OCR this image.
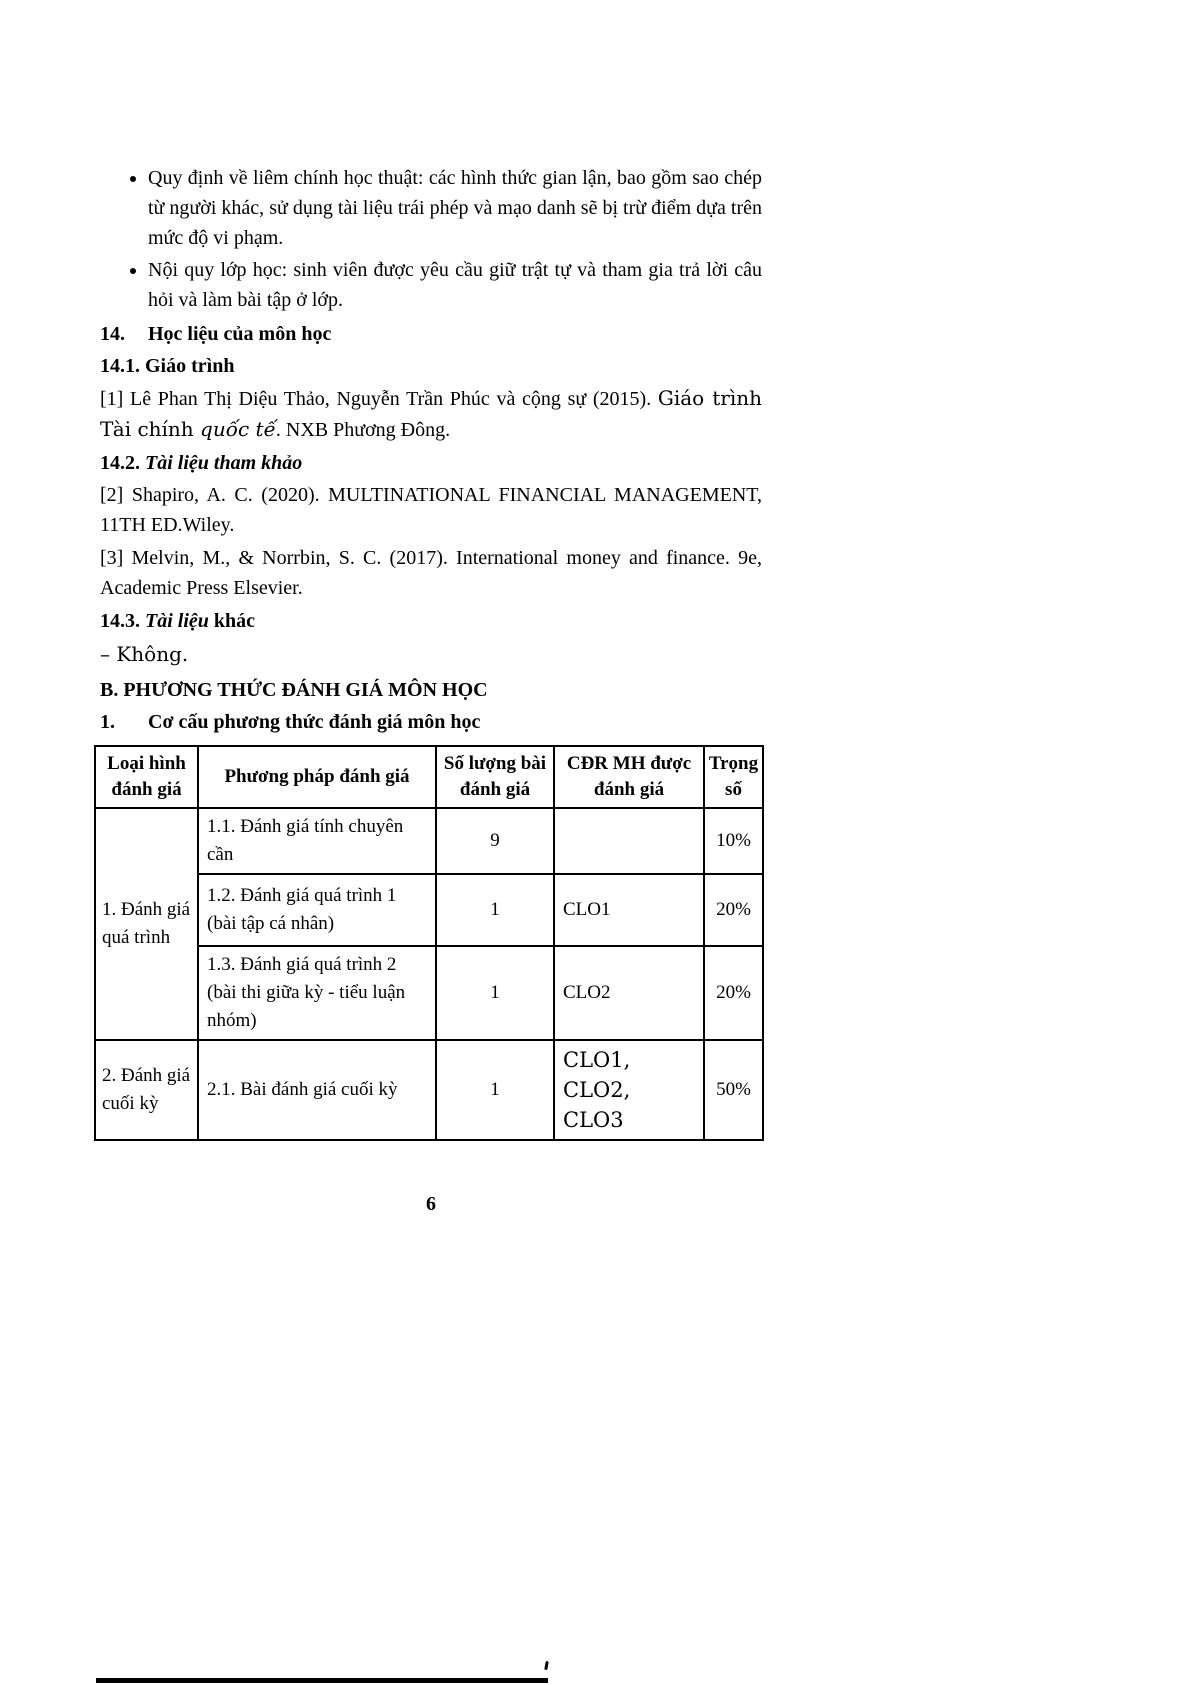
• Quy định về liêm chính học thuật: các hình thức gian lận, bao gồm sao chép từ người khác, sử dụng tài liệu trái phép và mạo danh sẽ bị trừ điểm dựa trên mức độ vi phạm.
• Nội quy lớp học: sinh viên được yêu cầu giữ trật tự và tham gia trả lời câu hỏi và làm bài tập ở lớp.

14. Học liệu của môn học

14.1. Giáo trình

[1] Lê Phan Thị Diệu Thảo, Nguyễn Trần Phúc và cộng sự (2015). Giáo trình Tài chính quốc tế. NXB Phương Đông.

14.2. Tài liệu tham khảo

[2] Shapiro, A. C. (2020). MULTINATIONAL FINANCIAL MANAGEMENT, 11TH ED.Wiley.

[3] Melvin, M., & Norrbin, S. C. (2017). International money and finance. 9e, Academic Press Elsevier.

14.3. Tài liệu khác

– Không.

B. PHƯƠNG THỨC ĐÁNH GIÁ MÔN HỌC

1. Cơ cấu phương thức đánh giá môn học

Loại hình đánh giá	Phương pháp đánh giá	Số lượng bài đánh giá	CĐR MH được đánh giá	Trọng số
1. Đánh giá quá trình	1.1. Đánh giá tính chuyên cần	9		10%
	1.2. Đánh giá quá trình 1 (bài tập cá nhân)	1	CLO1	20%
	1.3. Đánh giá quá trình 2 (bài thi giữa kỳ - tiểu luận nhóm)	1	CLO2	20%
2. Đánh giá cuối kỳ	2.1. Bài đánh giá cuối kỳ	1	CLO1, CLO2, CLO3	50%
6
